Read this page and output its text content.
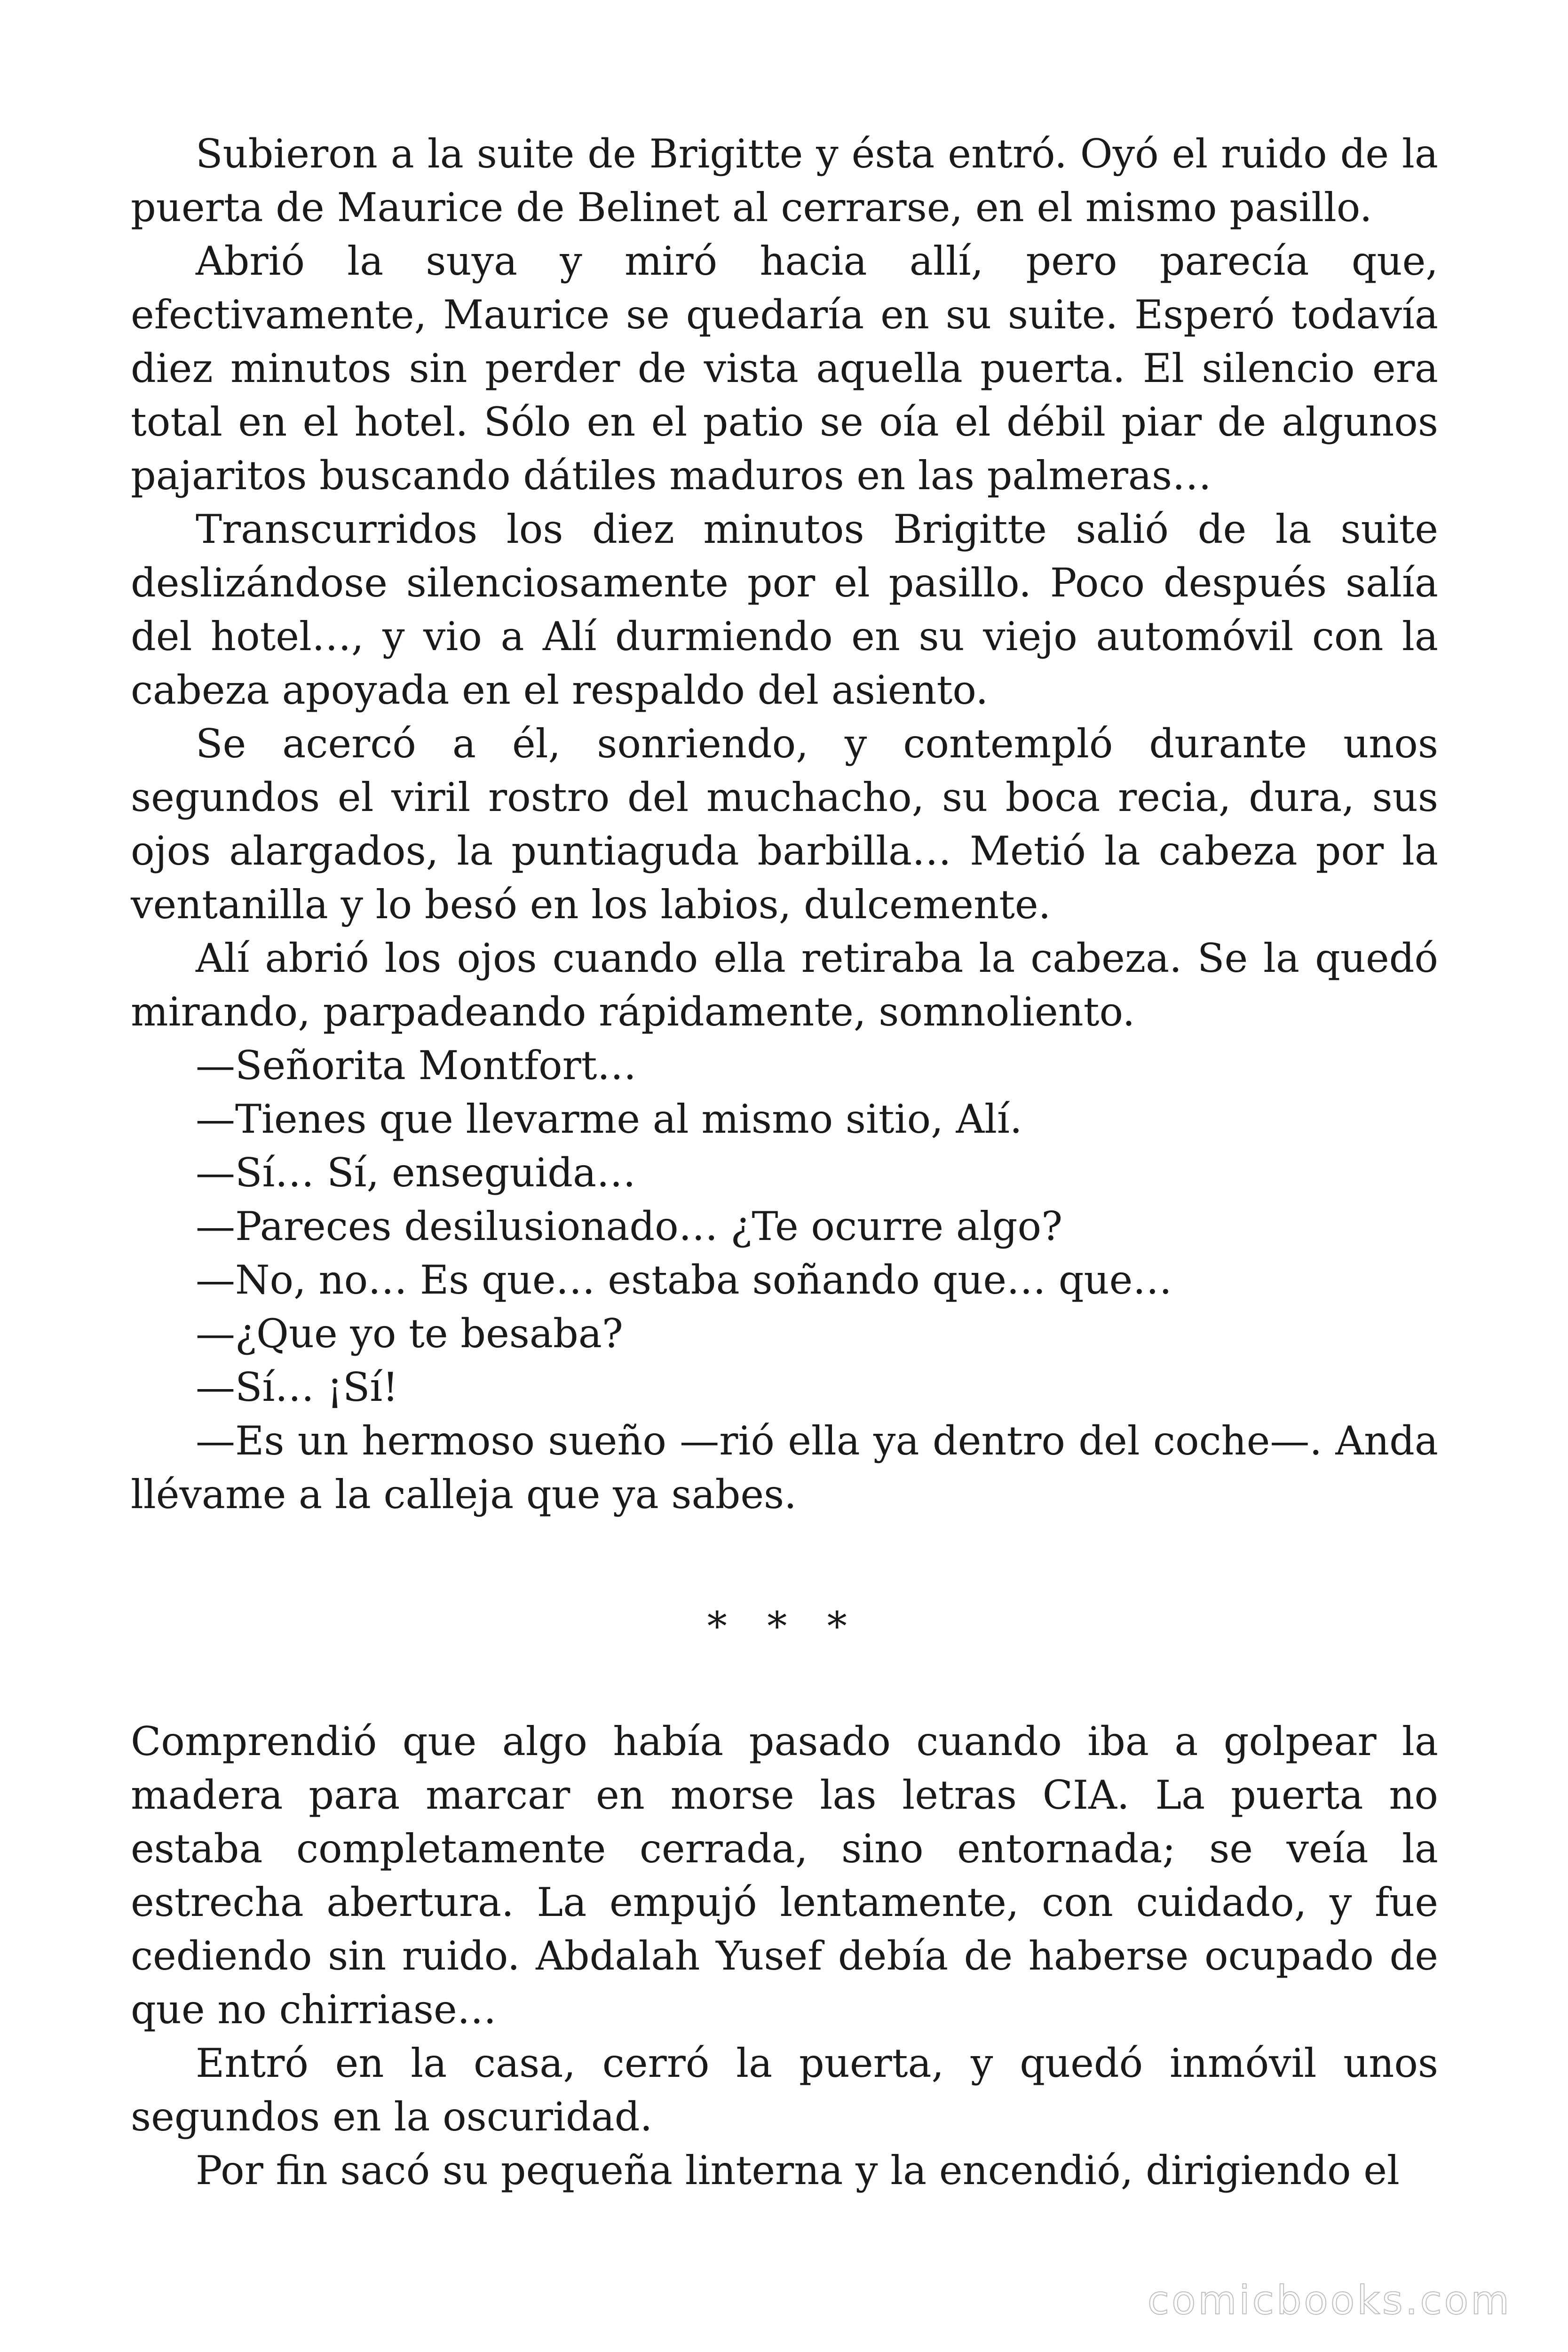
Subieron a la suite de Brigitte y ésta entró. Oyó el ruido de la puerta de Maurice de Belinet al cerrarse, en el mismo pasillo.

Abrió la suya y miró hacia allí, pero parecía que, efectivamente, Maurice se quedaría en su suite. Esperó todavía diez minutos sin perder de vista aquella puerta. El silencio era total en el hotel. Sólo en el patio se oía el débil piar de algunos pajaritos buscando dátiles maduros en las palmeras…

Transcurridos los diez minutos Brigitte salió de la suite deslizándose silenciosamente por el pasillo. Poco después salía del hotel…, y vio a Alí durmiendo en su viejo automóvil con la cabeza apoyada en el respaldo del asiento.

Se acercó a él, sonriendo, y contempló durante unos segundos el viril rostro del muchacho, su boca recia, dura, sus ojos alargados, la puntiaguda barbilla… Metió la cabeza por la ventanilla y lo besó en los labios, dulcemente.

Alí abrió los ojos cuando ella retiraba la cabeza. Se la quedó mirando, parpadeando rápidamente, somnoliento.

—Señorita Montfort…

—Tienes que llevarme al mismo sitio, Alí.

—Sí… Sí, enseguida…

—Pareces desilusionado… ¿Te ocurre algo?

—No, no… Es que… estaba soñando que… que…

—¿Que yo te besaba?

—Sí… ¡Sí!

—Es un hermoso sueño —rió ella ya dentro del coche—. Anda llévame a la calleja que ya sabes.

* * *

Comprendió que algo había pasado cuando iba a golpear la madera para marcar en morse las letras CIA. La puerta no estaba completamente cerrada, sino entornada; se veía la estrecha abertura. La empujó lentamente, con cuidado, y fue cediendo sin ruido. Abdalah Yusef debía de haberse ocupado de que no chirriase…

Entró en la casa, cerró la puerta, y quedó inmóvil unos segundos en la oscuridad.

Por fin sacó su pequeña linterna y la encendió, dirigiendo el

comicbooks.com
